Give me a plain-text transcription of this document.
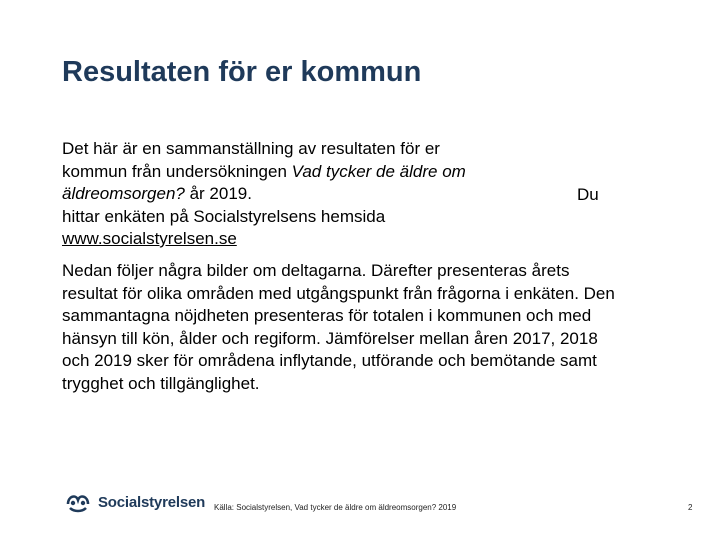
Resultaten för er kommun
Det här är en sammanställning av resultaten för er kommun från undersökningen Vad tycker de äldre om äldreomsorgen? år 2019.
hittar enkäten på Socialstyrelsens hemsida www.socialstyrelsen.se
Du
Nedan följer några bilder om deltagarna. Därefter presenteras årets resultat för olika områden med utgångspunkt från frågorna i enkäten. Den sammantagna nöjdheten presenteras för totalen i kommunen och med hänsyn till kön, ålder och regiform. Jämförelser mellan åren 2017, 2018 och 2019 sker för områdena inflytande, utförande och bemötande samt trygghet och tillgänglighet.
Socialstyrelsen Källa: Socialstyrelsen, Vad tycker de äldre om äldreomsorgen? 2019	2
